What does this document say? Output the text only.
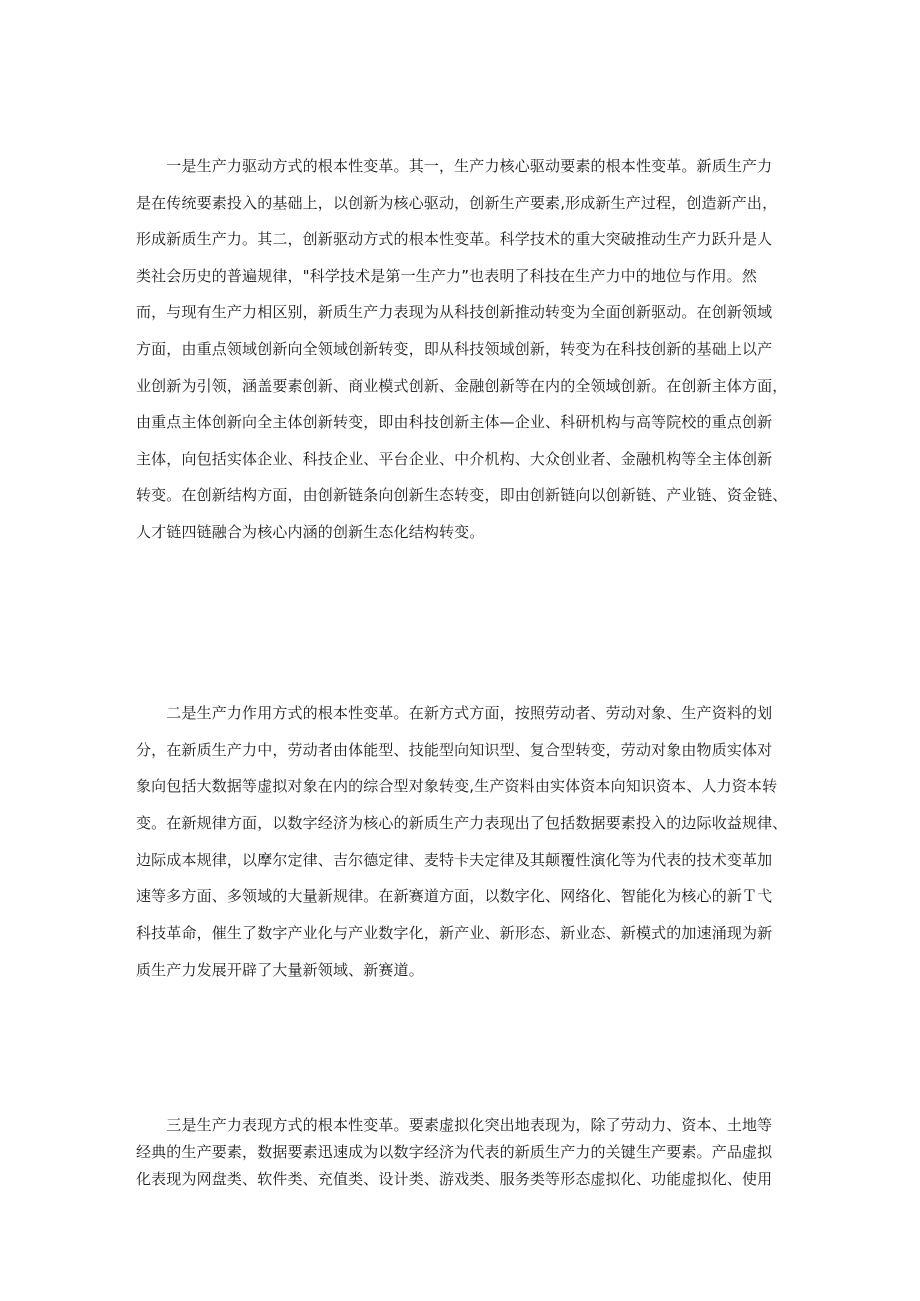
　　一是生产力驱动方式的根本性变革。其一，生产力核心驱动要素的根本性变革。新质生产力
是在传统要素投入的基础上，以创新为核心驱动，创新生产要素,形成新生产过程，创造新产出，
形成新质生产力。其二，创新驱动方式的根本性变革。科学技术的重大突破推动生产力跃升是人
类社会历史的普遍规律，"科学技术是第一生产力”也表明了科技在生产力中的地位与作用。然
而，与现有生产力相区别，新质生产力表现为从科技创新推动转变为全面创新驱动。在创新领域
方面，由重点领域创新向全领域创新转变，即从科技领域创新，转变为在科技创新的基础上以产
业创新为引领，涵盖要素创新、商业模式创新、金融创新等在内的全领域创新。在创新主体方面，
由重点主体创新向全主体创新转变，即由科技创新主体—企业、科研机构与高等院校的重点创新
主体，向包括实体企业、科技企业、平台企业、中介机构、大众创业者、金融机构等全主体创新
转变。在创新结构方面，由创新链条向创新生态转变，即由创新链向以创新链、产业链、资金链、
人才链四链融合为核心内涵的创新生态化结构转变。
　　二是生产力作用方式的根本性变革。在新方式方面，按照劳动者、劳动对象、生产资料的划
分，在新质生产力中，劳动者由体能型、技能型向知识型、复合型转变，劳动对象由物质实体对
象向包括大数据等虚拟对象在内的综合型对象转变,生产资料由实体资本向知识资本、人力资本转
变。在新规律方面，以数字经济为核心的新质生产力表现出了包括数据要素投入的边际收益规律、
边际成本规律，以摩尔定律、吉尔德定律、麦特卡夫定律及其颠覆性演化等为代表的技术变革加
速等多方面、多领域的大量新规律。在新赛道方面，以数字化、网络化、智能化为核心的新Ｔ弋
科技革命，催生了数字产业化与产业数字化，新产业、新形态、新业态、新模式的加速涌现为新
质生产力发展开辟了大量新领域、新赛道。
　　三是生产力表现方式的根本性变革。要素虚拟化突出地表现为，除了劳动力、资本、土地等
经典的生产要素，数据要素迅速成为以数字经济为代表的新质生产力的关键生产要素。产品虚拟
化表现为网盘类、软件类、充值类、设计类、游戏类、服务类等形态虚拟化、功能虚拟化、使用
